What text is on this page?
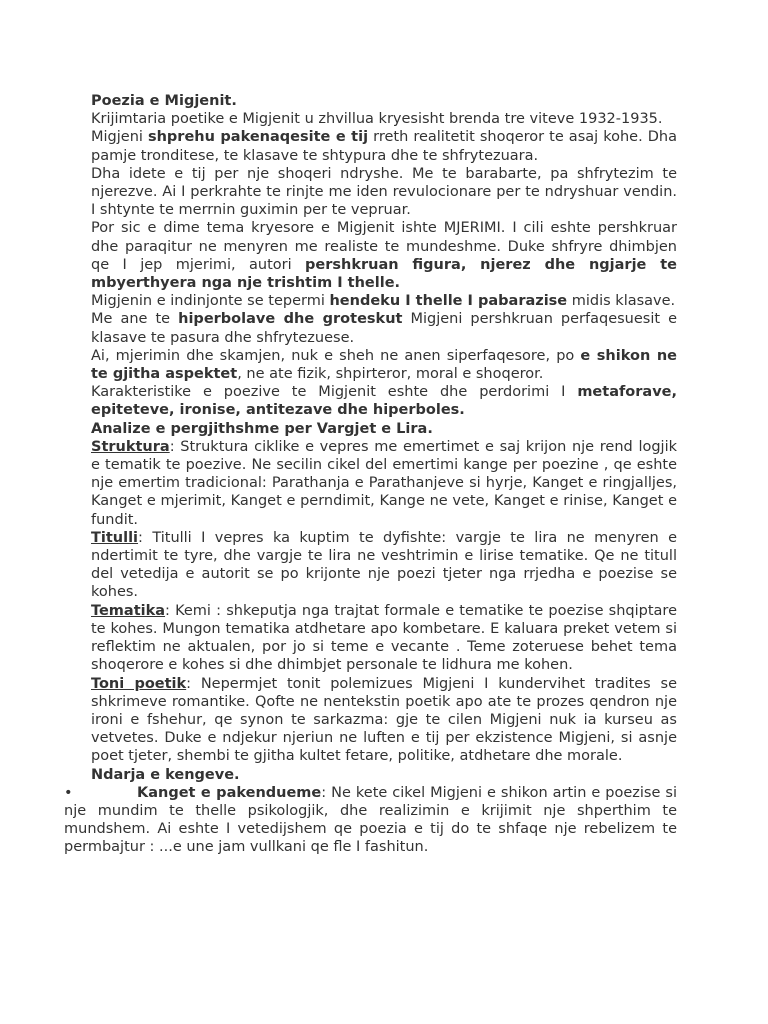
Poezia e Migjenit.

Krijimtaria poetike e Migjenit u zhvillua kryesisht brenda tre viteve 1932-1935.

Migjeni shprehu pakenaqesite e tij rreth realitetit shoqeror te asaj kohe. Dha pamje tronditese, te klasave te shtypura dhe te shfrytezuara.

Dha idete e tij per nje shoqeri ndryshe. Me te barabarte, pa shfrytezim te njerezve. Ai I perkrahte te rinjte me iden revulocionare per te ndryshuar vendin. I shtynte te merrnin guximin per te vepruar.

Por sic e dime tema kryesore e Migjenit ishte MJERIMI. I cili eshte pershkruar dhe paraqitur ne menyren me realiste te mundeshme. Duke shfryre dhimbjen qe I jep mjerimi, autori pershkruan figura, njerez dhe ngjarje te mbyerthyera nga nje trishtim I thelle.

Migjenin e indinjonte se tepermi hendeku I thelle I pabarazise midis klasave.

Me ane te hiperbolave dhe groteskut Migjeni pershkruan perfaqesuesit e klasave te pasura dhe shfrytezuese.

Ai, mjerimin dhe skamjen, nuk e sheh ne anen siperfaqesore, po e shikon ne te gjitha aspektet, ne ate fizik, shpirteror, moral e shoqeror.

Karakteristike e poezive te Migjenit eshte dhe perdorimi I metaforave, epiteteve, ironise, antitezave dhe hiperboles.

Analize e pergjithshme per Vargjet e Lira.

Struktura: Struktura ciklike e vepres me emertimet e saj krijon nje rend logjik e tematik te poezive. Ne secilin cikel del emertimi kange per poezine , qe eshte nje emertim tradicional: Parathanja e Parathanjeve si hyrje, Kanget e ringjalljes, Kanget e mjerimit, Kanget e perndimit, Kange ne vete, Kanget e rinise, Kanget e fundit.

Titulli: Titulli I vepres ka kuptim te dyfishte: vargje te lira ne menyren e ndertimit te tyre, dhe vargje te lira ne veshtrimin e lirise tematike. Qe ne titull del vetedija e autorit se po krijonte nje poezi tjeter nga rrjedha e poezise se kohes.

Tematika: Kemi : shkeputja nga trajtat formale e tematike te poezise shqiptare te kohes. Mungon tematika atdhetare apo kombetare. E kaluara preket vetem si reflektim ne aktualen, por jo si teme e vecante . Teme zoteruese behet tema shoqerore e kohes si dhe dhimbjet personale te lidhura me kohen.

Toni poetik: Nepermjet tonit polemizues Migjeni I kundervihet tradites se shkrimeve romantike. Qofte ne nentekstin poetik apo ate te prozes qendron nje ironi e fshehur, qe synon te sarkazma: gje te cilen Migjeni nuk ia kurseu as vetvetes. Duke e ndjekur njeriun ne luften e tij per ekzistence Migjeni, si asnje poet tjeter, shembi te gjitha kultet fetare, politike, atdhetare dhe morale.

Ndarja e kengeve.

•	Kanget e pakendueme: Ne kete cikel Migjeni e shikon artin e poezise si nje mundim te thelle psikologjik, dhe realizimin e krijimit nje shperthim te mundshem. Ai eshte I vetedijshem qe poezia e tij do te shfaqe nje rebelizem te permbajtur : ...e une jam vullkani qe fle I fashitun.
